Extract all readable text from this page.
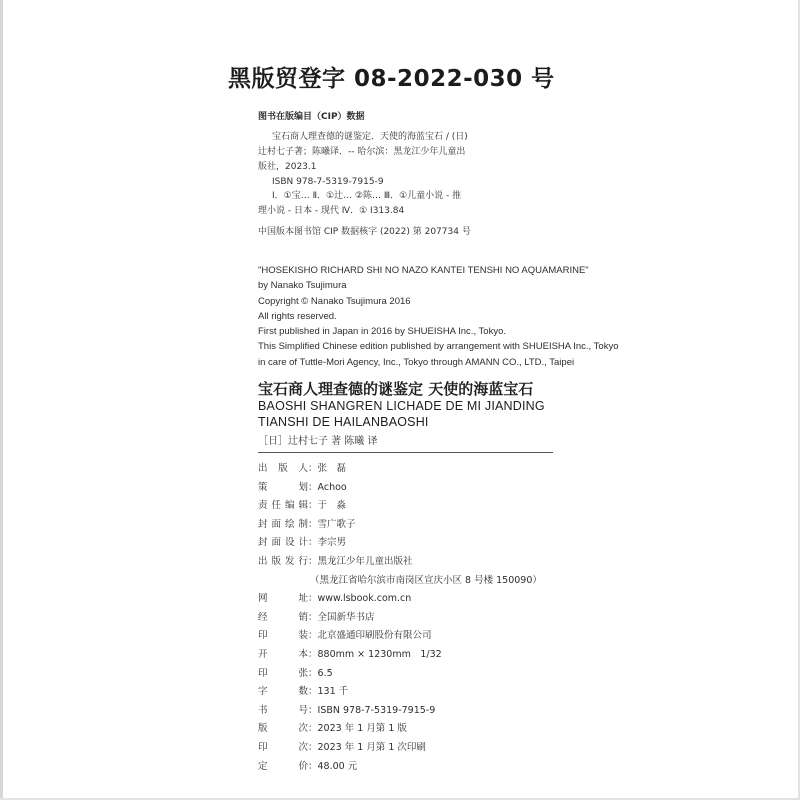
黑版贸登字 08-2022-030 号
图书在版编目（CIP）数据
宝石商人理查德的谜鉴定．天使的海蓝宝石 / (日)
辻村七子著；陈曦译．-- 哈尔滨：黑龙江少年儿童出
版社，2023.1
ISBN 978-7-5319-7915-9
Ⅰ．①宝… Ⅱ．①辻… ②陈… Ⅲ．①儿童小说 - 推
理小说 - 日本 - 现代 Ⅳ．① I313.84
中国版本图书馆 CIP 数据核字 (2022) 第 207734 号
"HOSEKISHO RICHARD SHI NO NAZO KANTEI TENSHI NO AQUAMARINE"
by Nanako Tsujimura
Copyright © Nanako Tsujimura 2016
All rights reserved.
First published in Japan in 2016 by SHUEISHA Inc., Tokyo.
This Simplified Chinese edition published by arrangement with SHUEISHA Inc., Tokyo
in care of Tuttle-Mori Agency, Inc., Tokyo through AMANN CO., LTD., Taipei
宝石商人理查德的谜鉴定 天使的海蓝宝石
BAOSHI SHANGREN LICHADE DE MI JIANDING
TIANSHI DE HAILANBAOSHI
［日］辻村七子 著 陈曦 译
出版人 ： 张　磊
策划 ： Achoo
责任编辑 ： 于　淼
封面绘制 ： 雪广歌子
封面设计 ： 李宗男
出版发行 ： 黑龙江少年儿童出版社
（黑龙江省哈尔滨市南岗区宣庆小区 8 号楼 150090）
网址 ： www.lsbook.com.cn
经销 ： 全国新华书店
印装 ： 北京盛通印刷股份有限公司
开本 ： 880mm × 1230mm　1/32
印张 ： 6.5
字数 ： 131 千
书号 ： ISBN 978-7-5319-7915-9
版次 ： 2023 年 1 月第 1 版
印次 ： 2023 年 1 月第 1 次印刷
定价 ： 48.00 元
